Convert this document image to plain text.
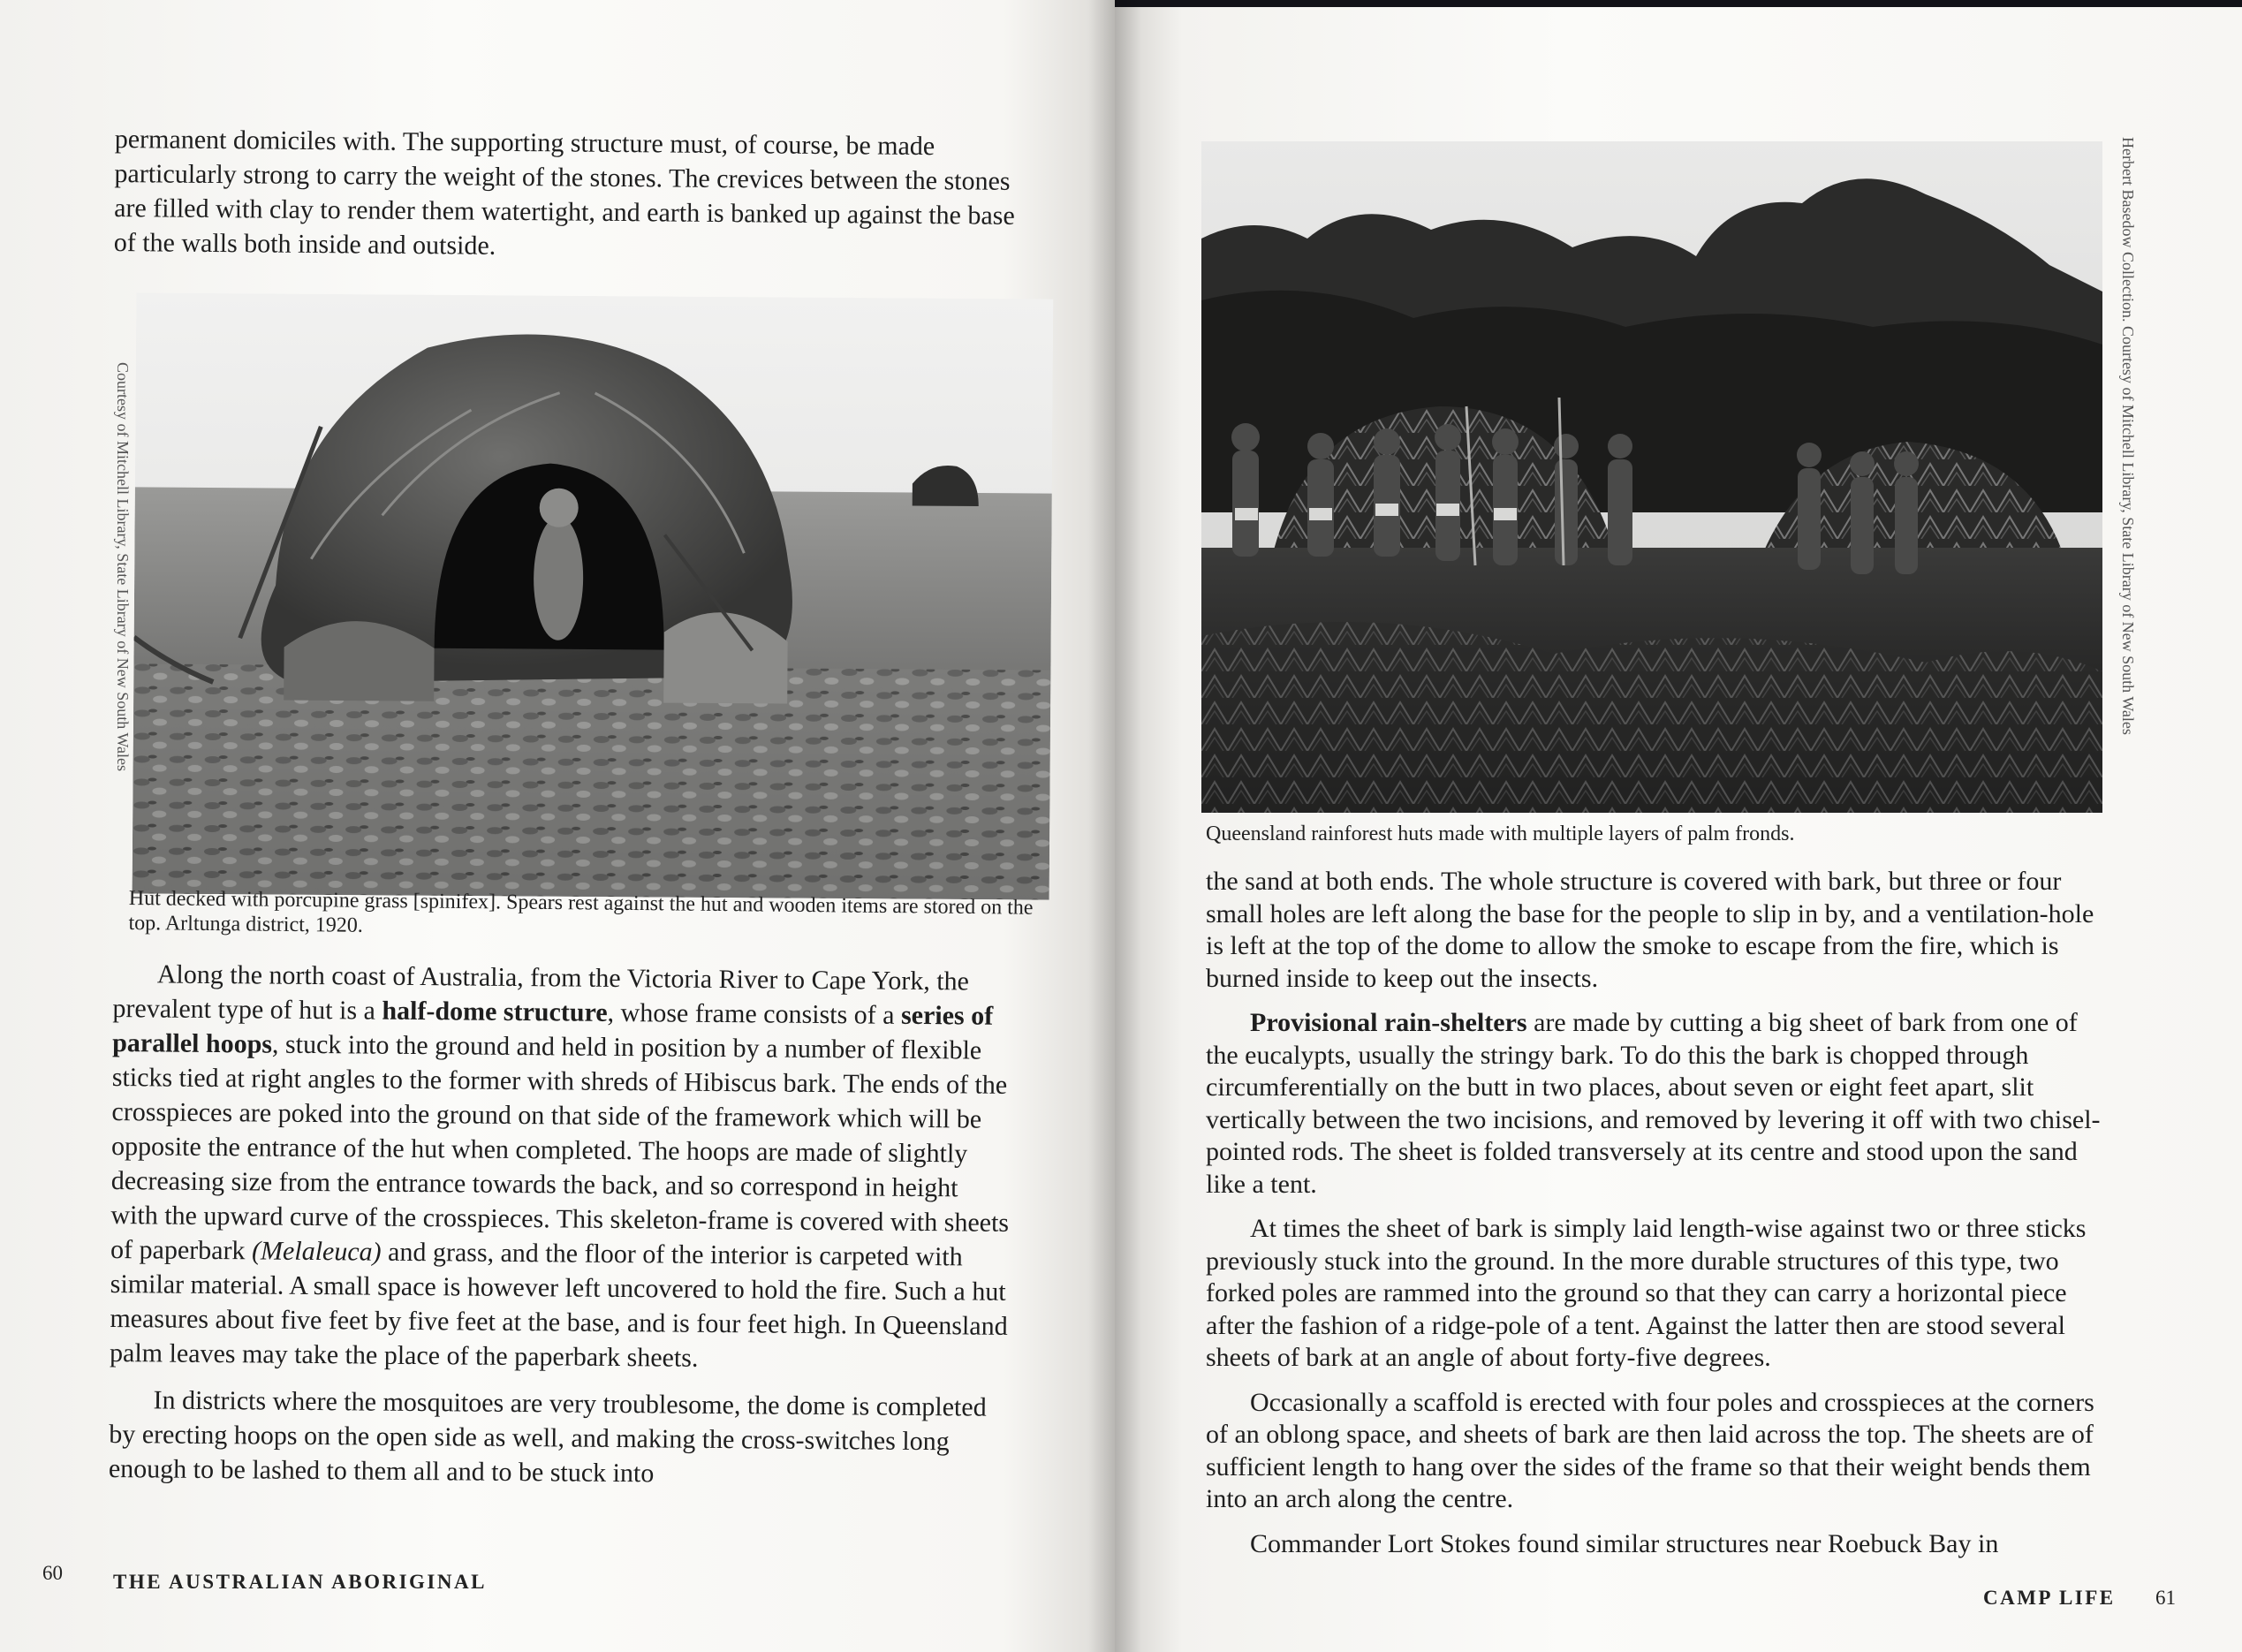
permanent domiciles with. The supporting structure must, of course, be made particularly strong to carry the weight of the stones. The crevices between the stones are filled with clay to render them watertight, and earth is banked up against the base of the walls both inside and outside.

Courtesy of Mitchell Library, State Library of New South Wales
Hut decked with porcupine grass [spinifex]. Spears rest against the hut and wooden items are stored on the top. Arltunga district, 1920.

Along the north coast of Australia, from the Victoria River to Cape York, the prevalent type of hut is a half-dome structure, whose frame consists of a series of parallel hoops, stuck into the ground and held in position by a number of flexible sticks tied at right angles to the former with shreds of Hibiscus bark. The ends of the crosspieces are poked into the ground on that side of the framework which will be opposite the entrance of the hut when completed. The hoops are made of slightly decreasing size from the entrance towards the back, and so correspond in height with the upward curve of the crosspieces. This skeleton-frame is covered with sheets of paperbark (Melaleuca) and grass, and the floor of the interior is carpeted with similar material. A small space is however left uncovered to hold the fire. Such a hut measures about five feet by five feet at the base, and is four feet high. In Queensland palm leaves may take the place of the paperbark sheets.

In districts where the mosquitoes are very troublesome, the dome is completed by erecting hoops on the open side as well, and making the cross-switches long enough to be lashed to them all and to be stuck into

60 THE AUSTRALIAN ABORIGINAL
Herbert Basedow Collection. Courtesy of Mitchell Library, State Library of New South Wales
Queensland rainforest huts made with multiple layers of palm fronds.

the sand at both ends. The whole structure is covered with bark, but three or four small holes are left along the base for the people to slip in by, and a ventilation-hole is left at the top of the dome to allow the smoke to escape from the fire, which is burned inside to keep out the insects.

Provisional rain-shelters are made by cutting a big sheet of bark from one of the eucalypts, usually the stringy bark. To do this the bark is chopped through circumferentially on the butt in two places, about seven or eight feet apart, slit vertically between the two incisions, and removed by levering it off with two chisel-pointed rods. The sheet is folded transversely at its centre and stood upon the sand like a tent.

At times the sheet of bark is simply laid length-wise against two or three sticks previously stuck into the ground. In the more durable structures of this type, two forked poles are rammed into the ground so that they can carry a horizontal piece after the fashion of a ridge-pole of a tent. Against the latter then are stood several sheets of bark at an angle of about forty-five degrees.

Occasionally a scaffold is erected with four poles and crosspieces at the corners of an oblong space, and sheets of bark are then laid across the top. The sheets are of sufficient length to hang over the sides of the frame so that their weight bends them into an arch along the centre.

Commander Lort Stokes found similar structures near Roebuck Bay in

CAMP LIFE 61
